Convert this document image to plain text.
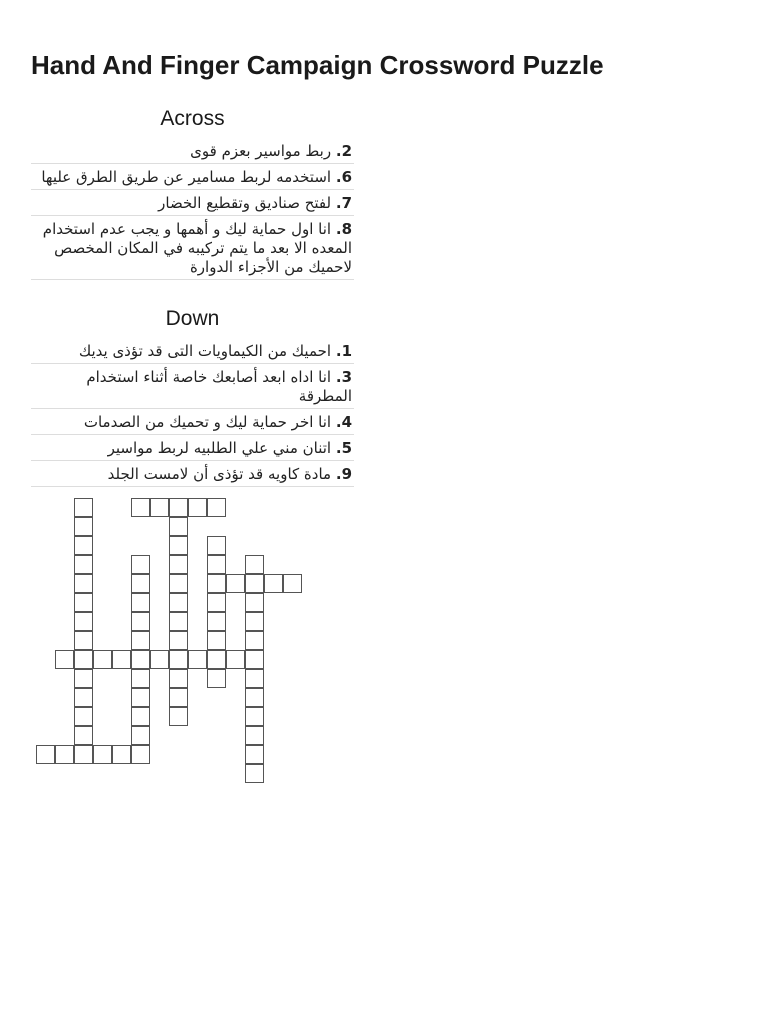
Hand And Finger Campaign Crossword Puzzle
Across
2. ربط مواسير بعزم قوى
6. استخدمه لربط مسامير عن طريق الطرق عليها
7. لفتح صناديق وتقطيع الخضار
8. انا اول حماية ليك و أهمها و يجب عدم استخدام المعده الا بعد ما يتم تركيبه في المكان المخصص لاحميك من الأجزاء الدوارة
Down
1. احميك من الكيماويات التى قد تؤذى يديك
3. انا اداه ابعد أصابعك خاصة أثناء استخدام المطرقة
4. انا اخر حماية ليك و تحميك من الصدمات
5. اتنان مني علي الطلبيه لربط مواسير
9. مادة كاويه قد تؤذى أن لامست الجلد
